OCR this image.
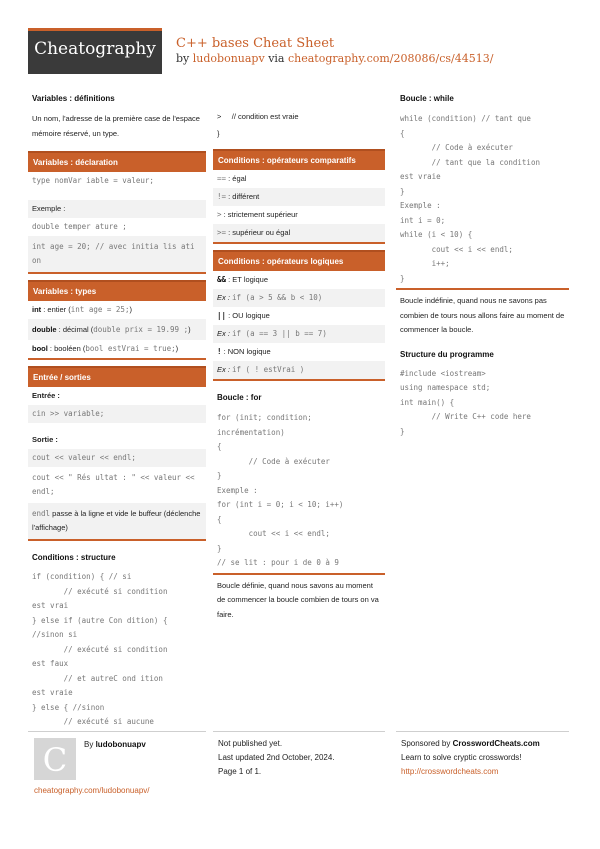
Cheatography	C++ bases Cheat Sheet
by ludobonuapv via cheatography.com/208086/cs/44513/
Variables : définitions
Un nom, l'adresse de la première case de l'espace mémoire réservé, un type.
Variables : déclaration
type nomVar iable = valeur;
Exemple :
double temper ature ;
int age = 20; // avec initia lis ati on
Variables : types
int : entier (int age = 25;)
double : décimal (double prix = 19.99 ;)
bool : booléen (bool estVrai = true;)
Entrée / sorties
Entrée :
cin >> variable;
Sortie :
cout << valeur << endl;
cout << " Rés ultat : " << valeur << endl;
endl passe à la ligne et vide le buffeur (déclenche l'affichage)
Conditions : structure
if (condition) { // si
// exécuté si condition
est vrai
} else if (autre Con dition) {
//sinon si
// exécuté si condition
est faux
// et autreC ond ition
est vraie
} else { //sinon
// exécuté si aucune
>     // condition est vraie
}
Conditions : opérateurs comparatifs
== : égal
!= : différent
> : strictement supérieur
>= : supérieur ou égal
Conditions : opérateurs logiques
&& : ET logique
Ex : if (a > 5 && b < 10)
|| : OU logique
Ex : if (a == 3 || b == 7)
! : NON logique
Ex : if ( ! estVrai )
Boucle : for
for (init; condition;
incrémentation)
{
// Code à exécuter
}
Exemple :
for (int i = 0; i < 10; i++)
{
cout << i << endl;
}
// se lit : pour i de 0 à 9
Boucle définie, quand nous savons au moment de commencer la boucle combien de tours on va faire.
Boucle : while
while (condition) // tant que
{
// Code à exécuter
// tant que la condition
est vraie
}
Exemple :
int i = 0;
while (i < 10) {
cout << i << endl;
i++;
}
Boucle indéfinie, quand nous ne savons pas combien de tours nous allons faire au moment de commencer la boucle.
Structure du programme
#include <iostream>
using namespace std;
int main() {
// Write C++ code here
}
C	By ludobonuapv
cheatography.com/ludobonuapv/
Not published yet.
Last updated 2nd October, 2024.
Page 1 of 1.
Sponsored by CrosswordCheats.com
Learn to solve cryptic crosswords!
http://crosswordcheats.com
